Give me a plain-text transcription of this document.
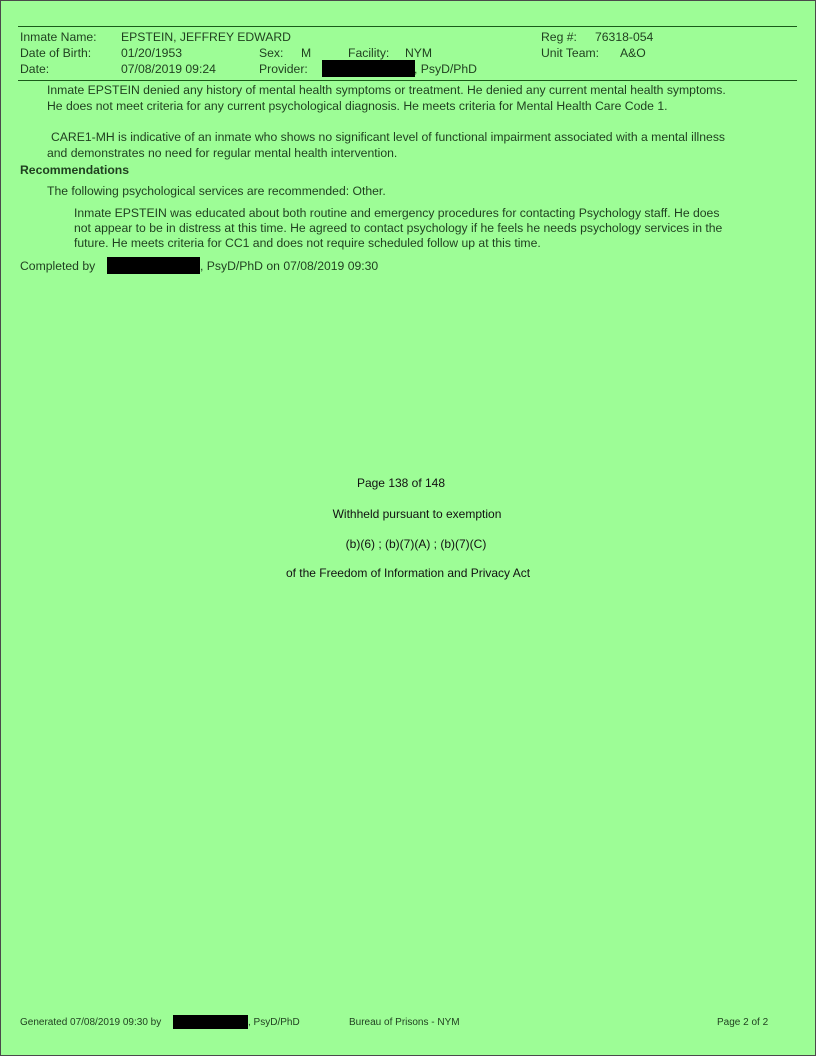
Inmate Name: EPSTEIN, JEFFREY EDWARD	Reg #: 76318-054
Date of Birth: 01/20/1953	Sex: M	Facility: NYM	Unit Team: A&O
Date:	07/08/2019 09:24	Provider:	, PsyD/PhD
Inmate EPSTEIN denied any history of mental health symptoms or treatment. He denied any current mental health symptoms.
He does not meet criteria for any current psychological diagnosis. He meets criteria for Mental Health Care Code 1.
CARE1-MH is indicative of an inmate who shows no significant level of functional impairment associated with a mental illness
and demonstrates no need for regular mental health intervention.
Recommendations
The following psychological services are recommended: Other.
Inmate EPSTEIN was educated about both routine and emergency procedures for contacting Psychology staff. He does
not appear to be in distress at this time. He agreed to contact psychology if he feels he needs psychology services in the
future. He meets criteria for CC1 and does not require scheduled follow up at this time.
Completed by	, PsyD/PhD on 07/08/2019 09:30
Page 138 of 148
Withheld pursuant to exemption
(b)(6) ; (b)(7)(A) ; (b)(7)(C)
of the Freedom of Information and Privacy Act
Generated 07/08/2019 09:30 by	, PsyD/PhD	Bureau of Prisons - NYM	Page 2 of 2
